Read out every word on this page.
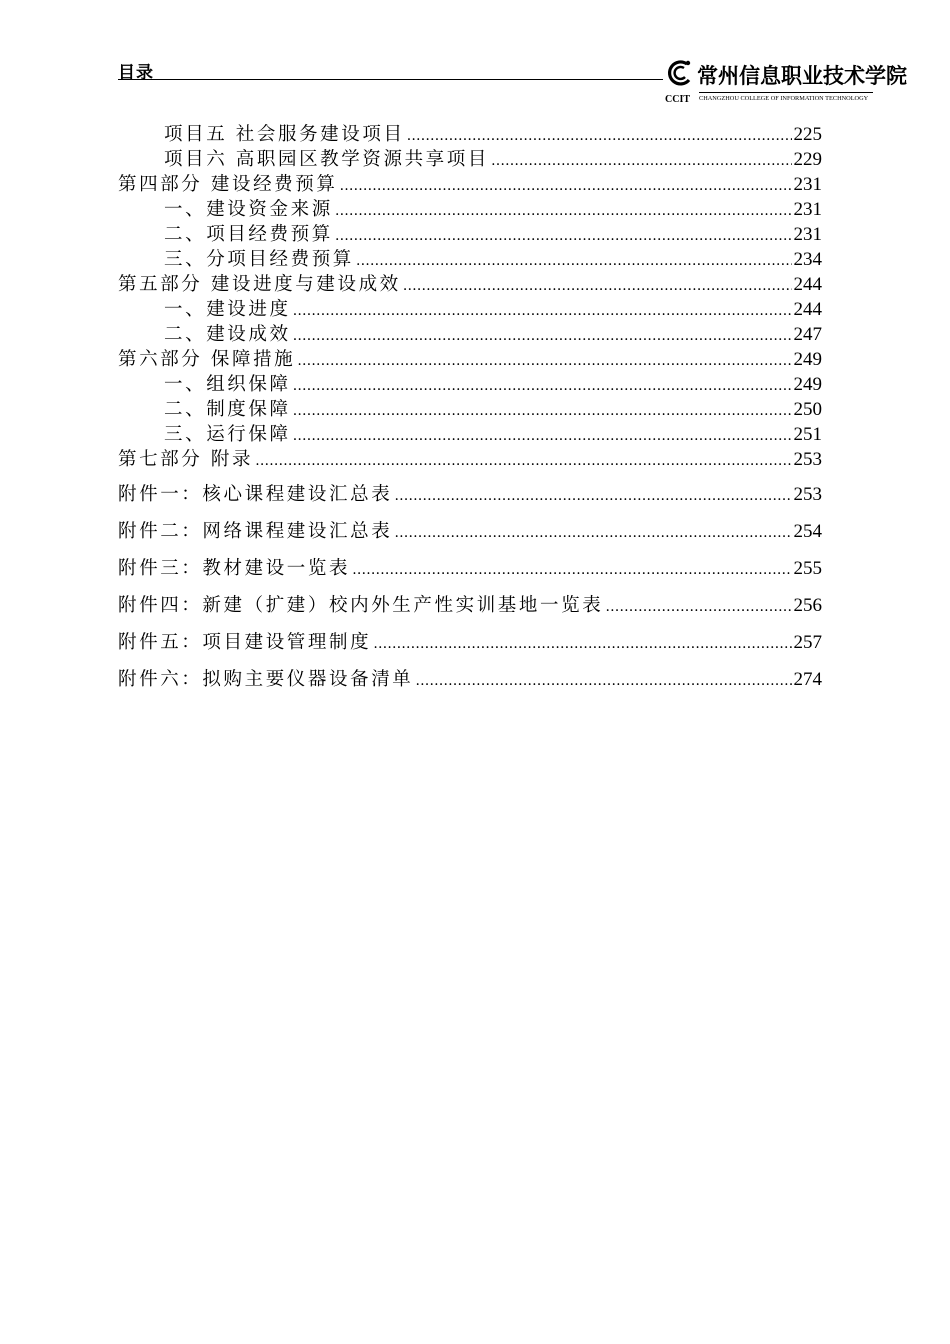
目录
CCIT
常州信息职业技术学院
CHANGZHOU COLLEGE OF INFORMATION TECHNOLOGY
项目五 社会服务建设项目 …………………………………………………………………………………………………………………………………………………………………………………	225
项目六 高职园区教学资源共享项目 …………………………………………………………………………………………………………………………………………………………………………………	229
第四部分 建设经费预算 …………………………………………………………………………………………………………………………………………………………………………………	231
一、建设资金来源 …………………………………………………………………………………………………………………………………………………………………………………	231
二、项目经费预算 …………………………………………………………………………………………………………………………………………………………………………………	231
三、分项目经费预算 …………………………………………………………………………………………………………………………………………………………………………………	234
第五部分 建设进度与建设成效 …………………………………………………………………………………………………………………………………………………………………………………	244
一、建设进度 …………………………………………………………………………………………………………………………………………………………………………………	244
二、建设成效 …………………………………………………………………………………………………………………………………………………………………………………	247
第六部分 保障措施 …………………………………………………………………………………………………………………………………………………………………………………	249
一、组织保障 …………………………………………………………………………………………………………………………………………………………………………………	249
二、制度保障 …………………………………………………………………………………………………………………………………………………………………………………	250
三、运行保障 …………………………………………………………………………………………………………………………………………………………………………………	251
第七部分 附录 …………………………………………………………………………………………………………………………………………………………………………………	253
附件一：核心课程建设汇总表 …………………………………………………………………………………………………………………………………………………………………………………	253
附件二：网络课程建设汇总表 …………………………………………………………………………………………………………………………………………………………………………………	254
附件三：教材建设一览表 …………………………………………………………………………………………………………………………………………………………………………………	255
附件四：新建（扩建）校内外生产性实训基地一览表 …………………………………………………………………………………………………………………………………………………………………………………	256
附件五：项目建设管理制度 …………………………………………………………………………………………………………………………………………………………………………………	257
附件六：拟购主要仪器设备清单 …………………………………………………………………………………………………………………………………………………………………………………	274
